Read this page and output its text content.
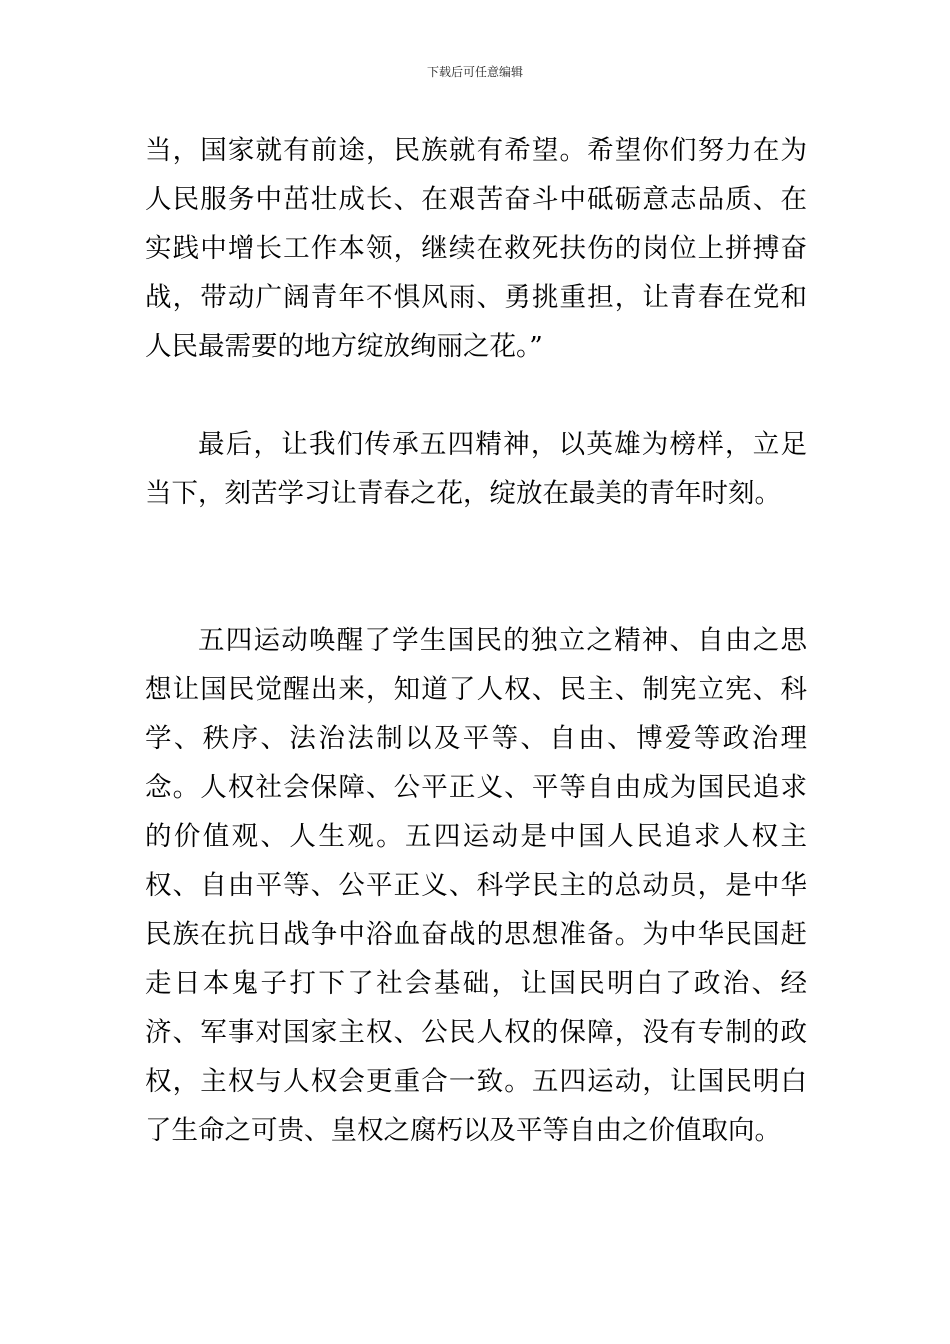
下载后可任意编辑

当，国家就有前途，民族就有希望。希望你们努力在为人民服务中茁壮成长、在艰苦奋斗中砥砺意志品质、在实践中增长工作本领，继续在救死扶伤的岗位上拼搏奋战，带动广阔青年不惧风雨、勇挑重担，让青春在党和人民最需要的地方绽放绚丽之花。”

最后，让我们传承五四精神，以英雄为榜样，立足当下，刻苦学习让青春之花，绽放在最美的青年时刻。

五四运动唤醒了学生国民的独立之精神、自由之思想让国民觉醒出来，知道了人权、民主、制宪立宪、科学、秩序、法治法制以及平等、自由、博爱等政治理念。人权社会保障、公平正义、平等自由成为国民追求的价值观、人生观。五四运动是中国人民追求人权主权、自由平等、公平正义、科学民主的总动员，是中华民族在抗日战争中浴血奋战的思想准备。为中华民国赶走日本鬼子打下了社会基础，让国民明白了政治、经济、军事对国家主权、公民人权的保障，没有专制的政权，主权与人权会更重合一致。五四运动，让国民明白了生命之可贵、皇权之腐朽以及平等自由之价值取向。
